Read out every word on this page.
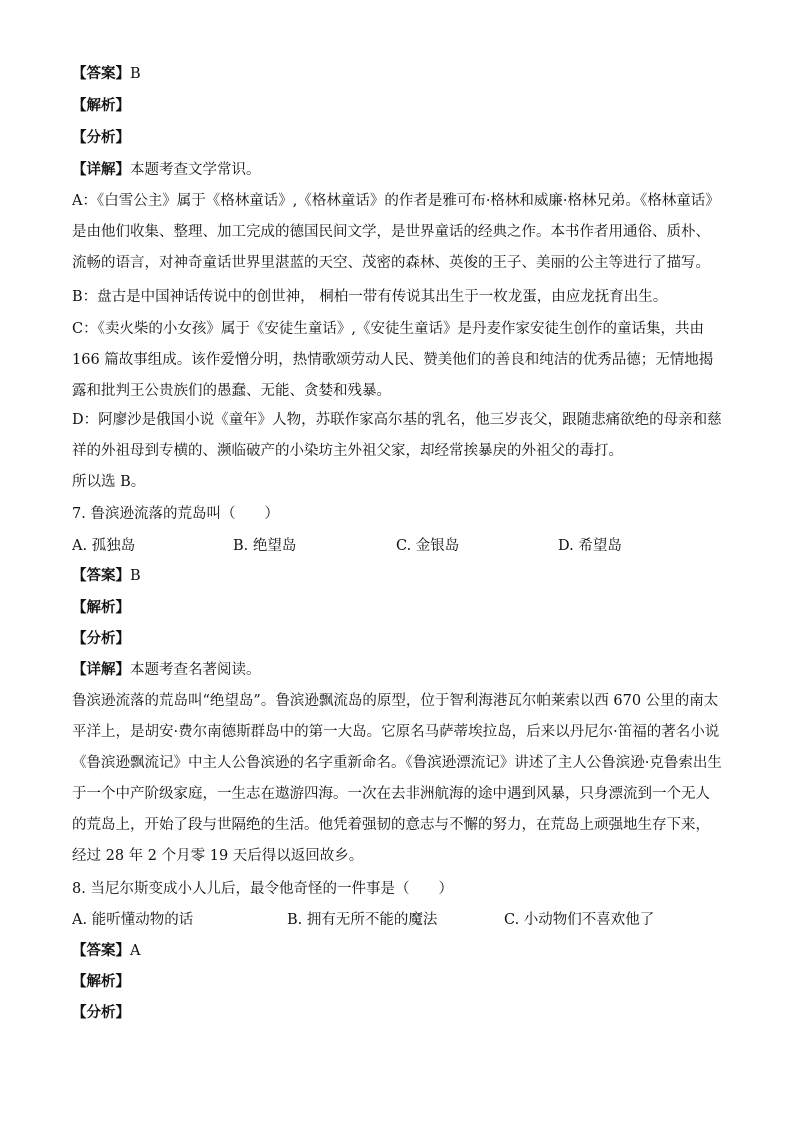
【答案】B
【解析】
【分析】
【详解】本题考查文学常识。
A：《白雪公主》属于《格林童话》,《格林童话》的作者是雅可布·格林和威廉·格林兄弟。《格林童话》是由他们收集、整理、加工完成的德国民间文学，是世界童话的经典之作。本书作者用通俗、质朴、流畅的语言，对神奇童话世界里湛蓝的天空、茂密的森林、英俊的王子、美丽的公主等进行了描写。
B：盘古是中国神话传说中的创世神， 桐柏一带有传说其出生于一枚龙蛋，由应龙抚育出生。
C：《卖火柴的小女孩》属于《安徒生童话》,《安徒生童话》是丹麦作家安徒生创作的童话集，共由 166 篇故事组成。该作爱憎分明，热情歌颂劳动人民、赞美他们的善良和纯洁的优秀品德；无情地揭露和批判王公贵族们的愚蠢、无能、贪婪和残暴。
D：阿廖沙是俄国小说《童年》人物，苏联作家高尔基的乳名，他三岁丧父，跟随悲痛欲绝的母亲和慈祥的外祖母到专横的、濒临破产的小染坊主外祖父家，却经常挨暴戾的外祖父的毒打。
所以选 B。
7. 鲁滨逊流落的荒岛叫（　　）
A. 孤独岛	B. 绝望岛	C. 金银岛	D. 希望岛
【答案】B
【解析】
【分析】
【详解】本题考查名著阅读。
鲁滨逊流落的荒岛叫“绝望岛”。鲁滨逊飘流岛的原型，位于智利海港瓦尔帕莱索以西 670 公里的南太平洋上，是胡安·费尔南德斯群岛中的第一大岛。它原名马萨蒂埃拉岛，后来以丹尼尔·笛福的著名小说《鲁滨逊飘流记》中主人公鲁滨逊的名字重新命名。《鲁滨逊漂流记》讲述了主人公鲁滨逊·克鲁索出生于一个中产阶级家庭，一生志在遨游四海。一次在去非洲航海的途中遇到风暴，只身漂流到一个无人的荒岛上，开始了段与世隔绝的生活。他凭着强韧的意志与不懈的努力，在荒岛上顽强地生存下来，经过 28 年 2 个月零 19 天后得以返回故乡。
8. 当尼尔斯变成小人儿后，最令他奇怪的一件事是（　　）
A. 能听懂动物的话	B. 拥有无所不能的魔法	C. 小动物们不喜欢他了
【答案】A
【解析】
【分析】
